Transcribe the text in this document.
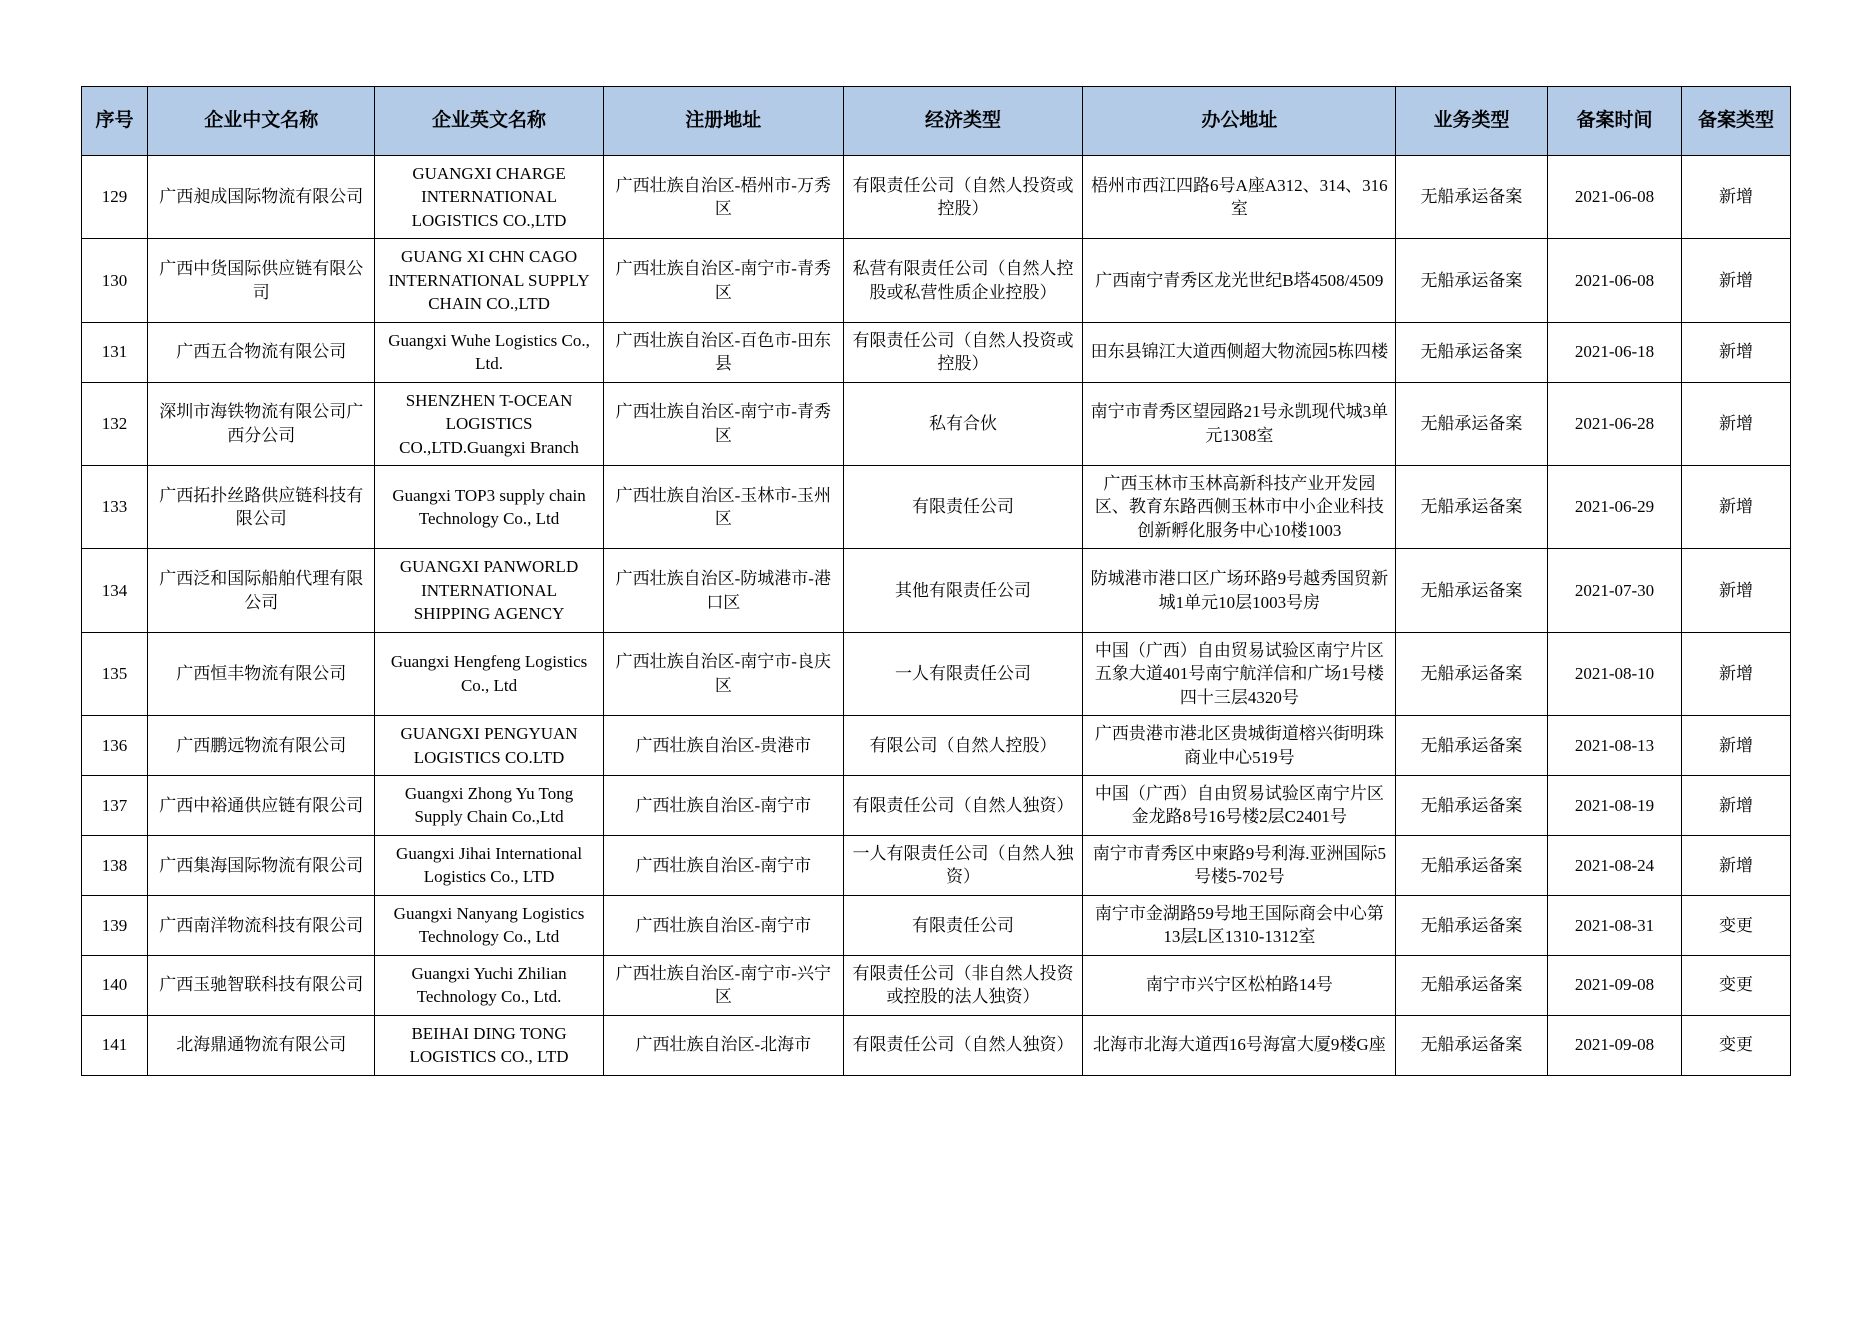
序号	企业中文名称	企业英文名称	注册地址	经济类型	办公地址	业务类型	备案时间	备案类型
129	广西昶成国际物流有限公司	GUANGXI CHARGE INTERNATIONAL LOGISTICS CO.,LTD	广西壮族自治区-梧州市-万秀区	有限责任公司（自然人投资或控股）	梧州市西江四路6号A座A312、314、316室	无船承运备案	2021-06-08	新增
130	广西中货国际供应链有限公司	GUANG XI CHN CAGO INTERNATIONAL SUPPLY CHAIN CO.,LTD	广西壮族自治区-南宁市-青秀区	私营有限责任公司（自然人控股或私营性质企业控股）	广西南宁青秀区龙光世纪B塔4508/4509	无船承运备案	2021-06-08	新增
131	广西五合物流有限公司	Guangxi Wuhe Logistics Co., Ltd.	广西壮族自治区-百色市-田东县	有限责任公司（自然人投资或控股）	田东县锦江大道西侧超大物流园5栋四楼	无船承运备案	2021-06-18	新增
132	深圳市海铁物流有限公司广西分公司	SHENZHEN T-OCEAN LOGISTICS CO.,LTD.Guangxi Branch	广西壮族自治区-南宁市-青秀区	私有合伙	南宁市青秀区望园路21号永凯现代城3单元1308室	无船承运备案	2021-06-28	新增
133	广西拓扑丝路供应链科技有限公司	Guangxi TOP3 supply chain Technology Co., Ltd	广西壮族自治区-玉林市-玉州区	有限责任公司	广西玉林市玉林高新科技产业开发园区、教育东路西侧玉林市中小企业科技创新孵化服务中心10楼1003	无船承运备案	2021-06-29	新增
134	广西泛和国际船舶代理有限公司	GUANGXI PANWORLD INTERNATIONAL SHIPPING AGENCY	广西壮族自治区-防城港市-港口区	其他有限责任公司	防城港市港口区广场环路9号越秀国贸新城1单元10层1003号房	无船承运备案	2021-07-30	新增
135	广西恒丰物流有限公司	Guangxi Hengfeng Logistics Co., Ltd	广西壮族自治区-南宁市-良庆区	一人有限责任公司	中国（广西）自由贸易试验区南宁片区五象大道401号南宁航洋信和广场1号楼四十三层4320号	无船承运备案	2021-08-10	新增
136	广西鹏远物流有限公司	GUANGXI PENGYUAN LOGISTICS CO.LTD	广西壮族自治区-贵港市	有限公司（自然人控股）	广西贵港市港北区贵城街道榕兴街明珠商业中心519号	无船承运备案	2021-08-13	新增
137	广西中裕通供应链有限公司	Guangxi Zhong Yu Tong Supply Chain Co.,Ltd	广西壮族自治区-南宁市	有限责任公司（自然人独资）	中国（广西）自由贸易试验区南宁片区金龙路8号16号楼2层C2401号	无船承运备案	2021-08-19	新增
138	广西集海国际物流有限公司	Guangxi Jihai International Logistics Co., LTD	广西壮族自治区-南宁市	一人有限责任公司（自然人独资）	南宁市青秀区中柬路9号利海.亚洲国际5号楼5-702号	无船承运备案	2021-08-24	新增
139	广西南洋物流科技有限公司	Guangxi Nanyang Logistics Technology Co., Ltd	广西壮族自治区-南宁市	有限责任公司	南宁市金湖路59号地王国际商会中心第13层L区1310-1312室	无船承运备案	2021-08-31	变更
140	广西玉驰智联科技有限公司	Guangxi Yuchi Zhilian Technology Co., Ltd.	广西壮族自治区-南宁市-兴宁区	有限责任公司（非自然人投资或控股的法人独资）	南宁市兴宁区松柏路14号	无船承运备案	2021-09-08	变更
141	北海鼎通物流有限公司	BEIHAI DING TONG LOGISTICS CO., LTD	广西壮族自治区-北海市	有限责任公司（自然人独资）	北海市北海大道西16号海富大厦9楼G座	无船承运备案	2021-09-08	变更
